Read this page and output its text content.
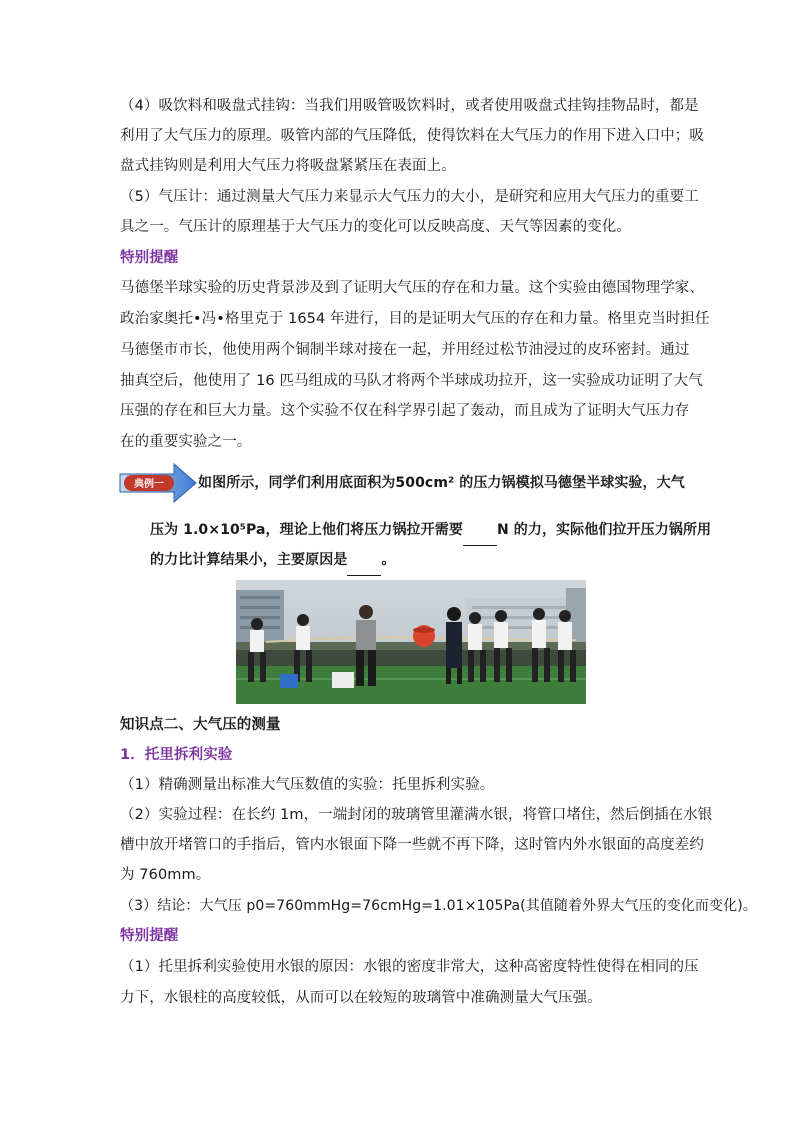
（4）吸饮料和吸盘式挂钩：当我们用吸管吸饮料时，或者使用吸盘式挂钩挂物品时，都是
利用了大气压力的原理。吸管内部的气压降低，使得饮料在大气压力的作用下进入口中；吸
盘式挂钩则是利用大气压力将吸盘紧紧压在表面上。
（5）气压计：通过测量大气压力来显示大气压力的大小，是研究和应用大气压力的重要工
具之一。气压计的原理基于大气压力的变化可以反映高度、天气等因素的变化。
特别提醒
马德堡半球实验的历史背景涉及到了证明大气压的存在和力量。这个实验由德国物理学家、
政治家奥托•冯•格里克于 1654 年进行，目的是证明大气压的存在和力量。格里克当时担任
马德堡市市长，他使用两个铜制半球对接在一起，并用经过松节油浸过的皮环密封。通过
抽真空后，他使用了 16 匹马组成的马队才将两个半球成功拉开，这一实验成功证明了大气
压强的存在和巨大力量。这个实验不仅在科学界引起了轰动，而且成为了证明大气压力存
在的重要实验之一。
典例一 如图所示，同学们利用底面积为500cm² 的压力锅模拟马德堡半球实验，大气
压为 1.0×10⁵Pa，理论上他们将压力锅拉开需要 N 的力，实际他们拉开压力锅所用
的力比计算结果小，主要原因是 。
知识点二、大气压的测量
1．托里拆利实验
（1）精确测量出标准大气压数值的实验：托里拆利实验。
（2）实验过程：在长约 1m，一端封闭的玻璃管里灌满水银，将管口堵住，然后倒插在水银
槽中放开堵管口的手指后，管内水银面下降一些就不再下降，这时管内外水银面的高度差约
为 760mm。
（3）结论：大气压 p0=760mmHg=76cmHg=1.01×105Pa(其值随着外界大气压的变化而变化)。
特别提醒
（1）托里拆利实验使用水银的原因：水银的密度非常大，这种高密度特性使得在相同的压
力下，水银柱的高度较低，从而可以在较短的玻璃管中准确测量大气压强。
